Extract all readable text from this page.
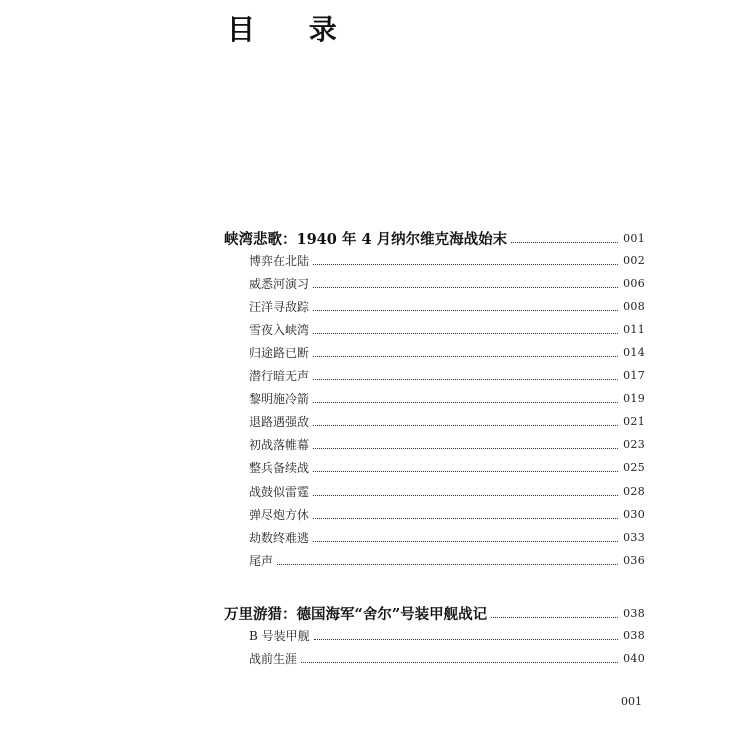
目 录
峡湾悲歌：1940 年 4 月纳尔维克海战始末	001
博弈在北陆	002
威悉河演习	006
汪洋寻敌踪	008
雪夜入峡湾	011
归途路已断	014
潜行暗无声	017
黎明施冷箭	019
退路遇强敌	021
初战落帷幕	023
整兵备续战	025
战鼓似雷霆	028
弹尽炮方休	030
劫数终难逃	033
尾声	036
万里游猎：德国海军“舍尔”号装甲舰战记	038
B 号装甲舰	038
战前生涯	040
001
